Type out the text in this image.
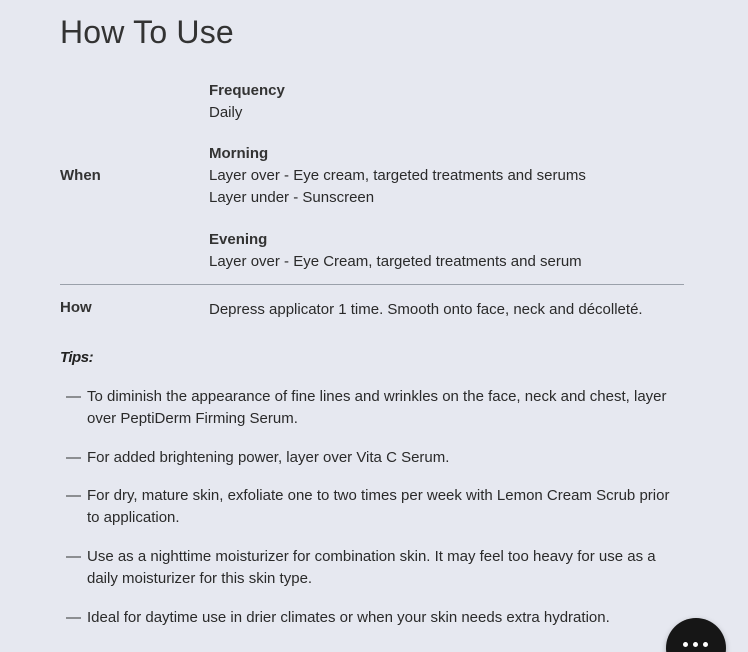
How To Use
When
Frequency
Daily
Morning
Layer over - Eye cream, targeted treatments and serums
Layer under - Sunscreen
Evening
Layer over - Eye Cream, targeted treatments and serum
How	Depress applicator 1 time. Smooth onto face, neck and décolleté.
Tips:
— To diminish the appearance of fine lines and wrinkles on the face, neck and chest, layer over PeptiDerm Firming Serum.
— For added brightening power, layer over Vita C Serum.
— For dry, mature skin, exfoliate one to two times per week with Lemon Cream Scrub prior to application.
— Use as a nighttime moisturizer for combination skin. It may feel too heavy for use as a daily moisturizer for this skin type.
— Ideal for daytime use in drier climates or when your skin needs extra hydration.
